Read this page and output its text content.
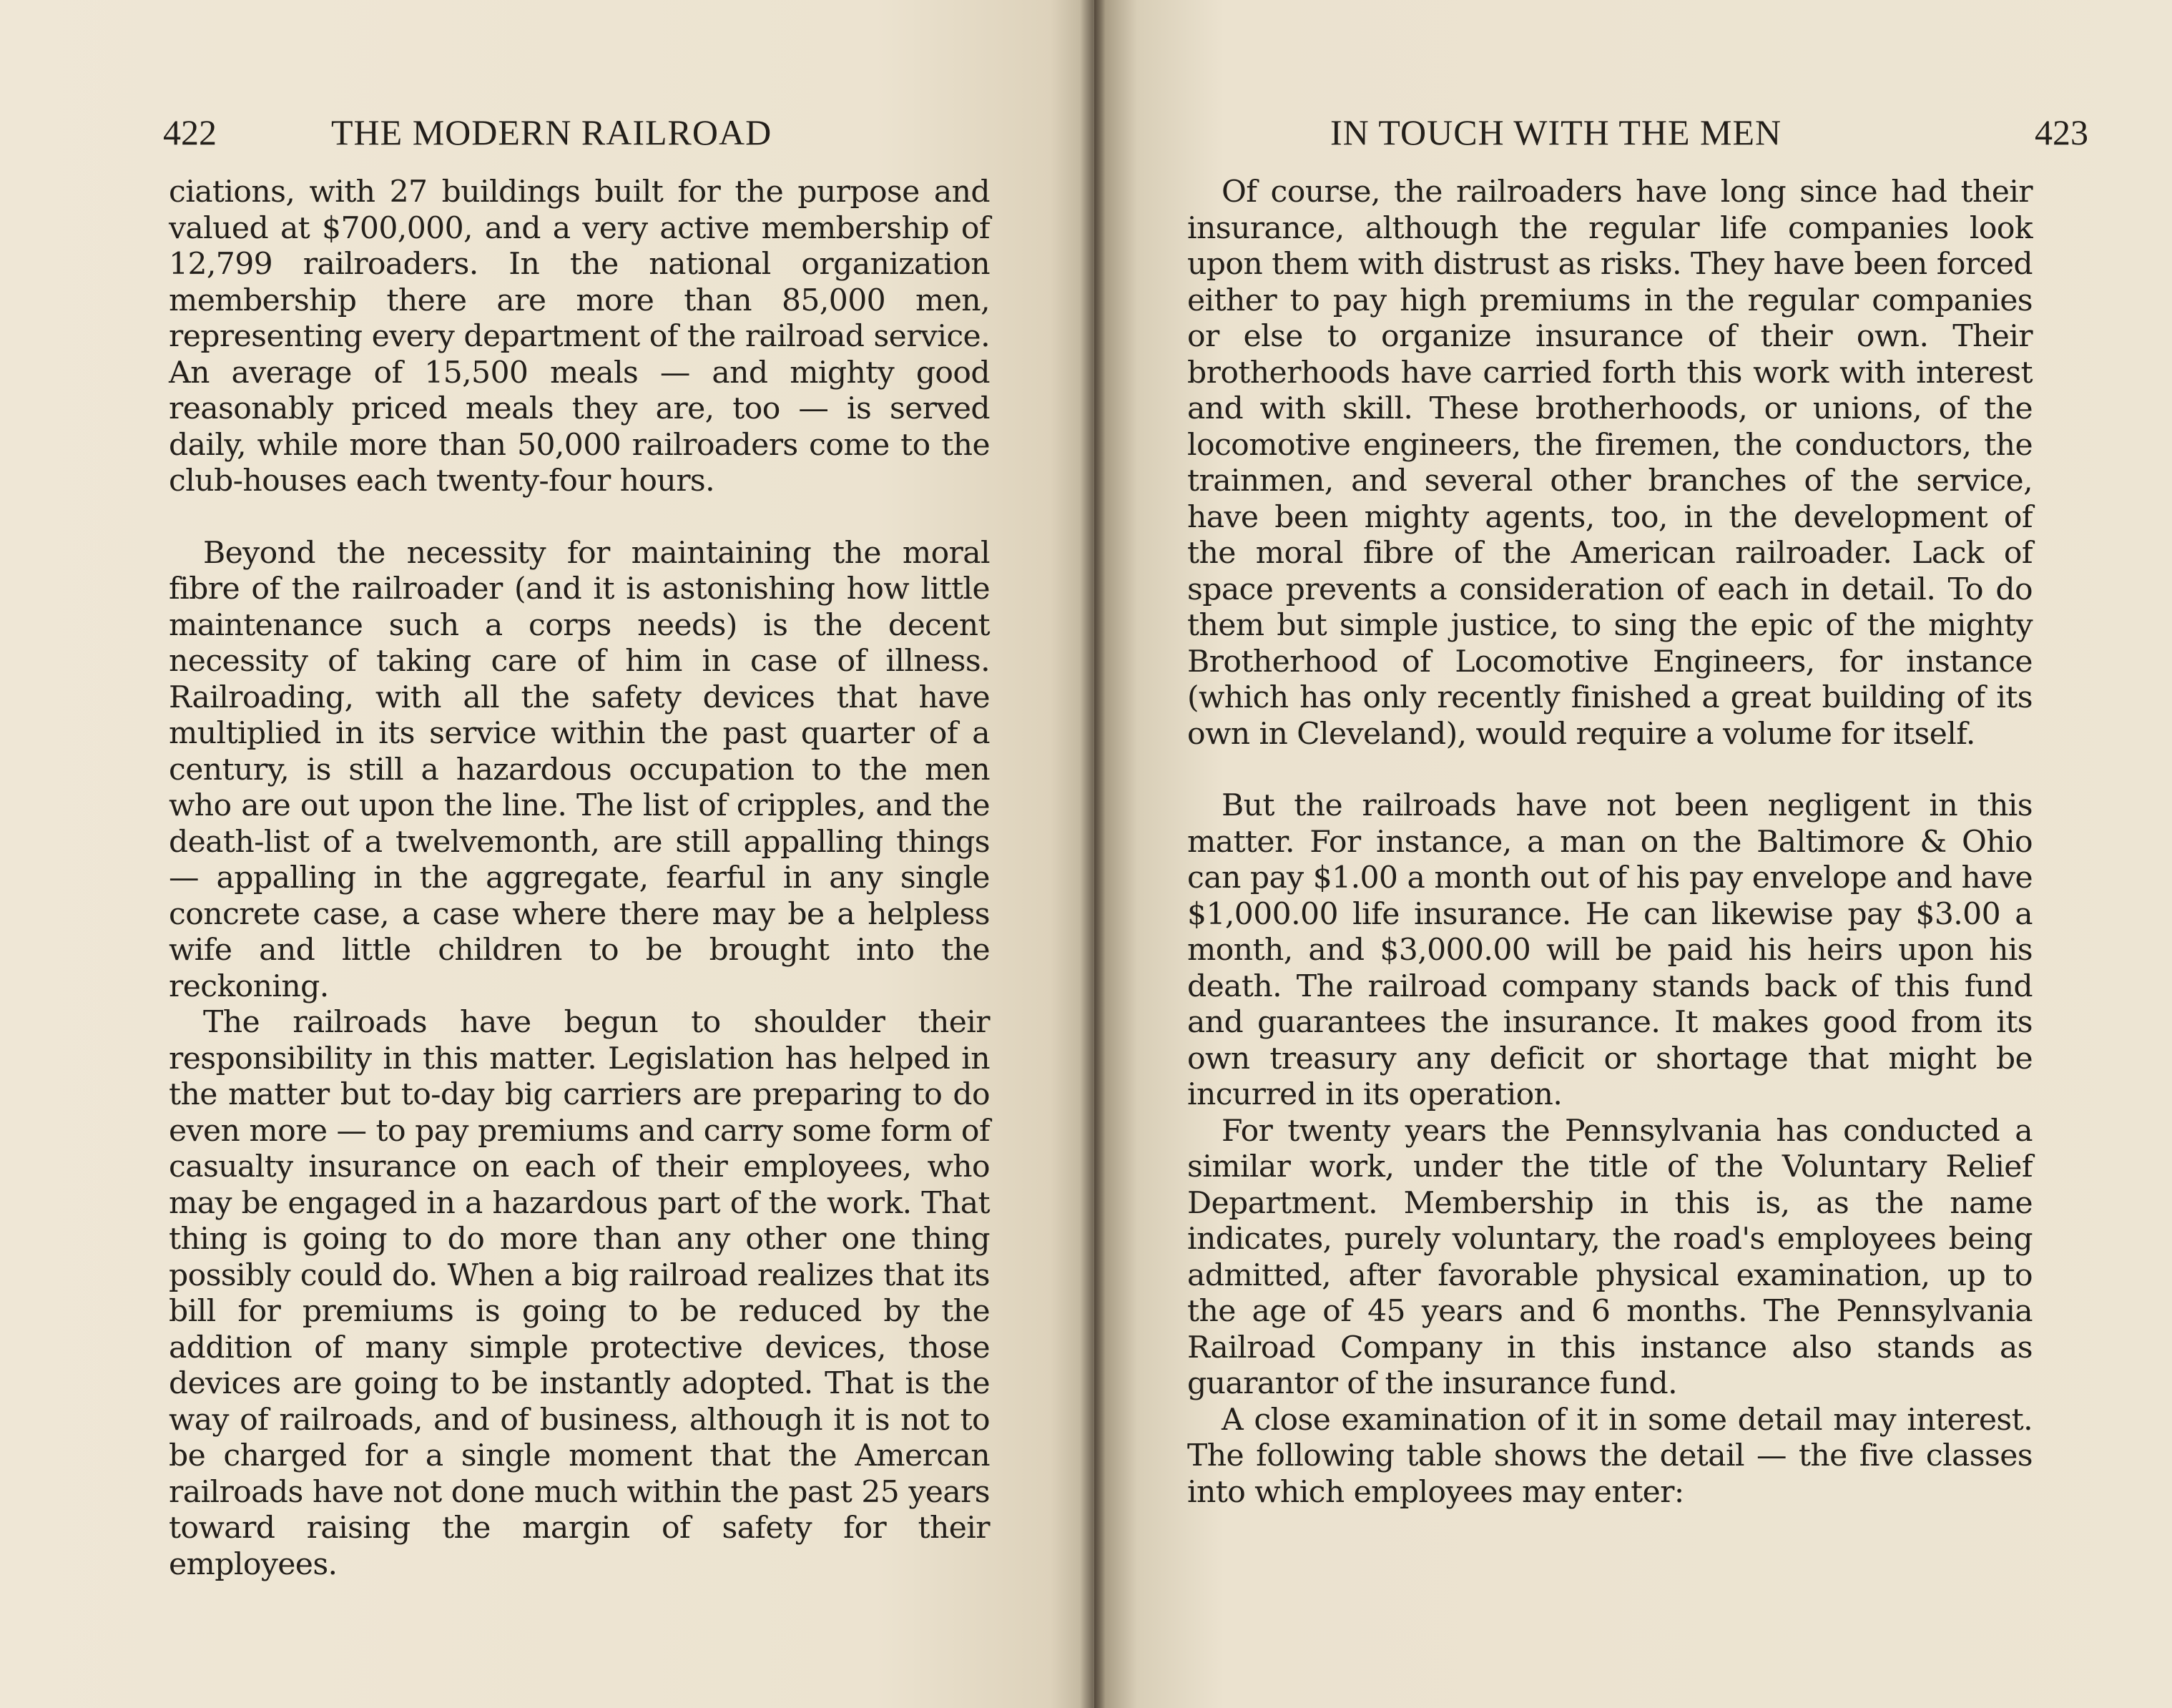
422	THE MODERN RAILROAD

ciations, with 27 buildings built for the purpose and valued at $700,000, and a very active membership of 12,799 railroaders. In the national organization membership there are more than 85,000 men, representing every department of the railroad service. An average of 15,500 meals — and mighty good reasonably priced meals they are, too — is served daily, while more than 50,000 railroaders come to the club-houses each twenty-four hours.

Beyond the necessity for maintaining the moral fibre of the railroader (and it is astonishing how little maintenance such a corps needs) is the decent necessity of taking care of him in case of illness. Railroading, with all the safety devices that have multiplied in its service within the past quarter of a century, is still a hazardous occupation to the men who are out upon the line. The list of cripples, and the death-list of a twelvemonth, are still appalling things — appalling in the aggregate, fearful in any single concrete case, a case where there may be a helpless wife and little children to be brought into the reckoning.

The railroads have begun to shoulder their responsibility in this matter. Legislation has helped in the matter but to-day big carriers are preparing to do even more — to pay premiums and carry some form of casualty insurance on each of their employees, who may be engaged in a hazardous part of the work. That thing is going to do more than any other one thing possibly could do. When a big railroad realizes that its bill for premiums is going to be reduced by the addition of many simple protective devices, those devices are going to be instantly adopted. That is the way of railroads, and of business, although it is not to be charged for a single moment that the Amercan railroads have not done much within the past 25 years toward raising the margin of safety for their employees.

IN TOUCH WITH THE MEN	423

Of course, the railroaders have long since had their insurance, although the regular life companies look upon them with distrust as risks. They have been forced either to pay high premiums in the regular companies or else to organize insurance of their own. Their brotherhoods have carried forth this work with interest and with skill. These brotherhoods, or unions, of the locomotive engineers, the firemen, the conductors, the trainmen, and several other branches of the service, have been mighty agents, too, in the development of the moral fibre of the American railroader. Lack of space prevents a consideration of each in detail. To do them but simple justice, to sing the epic of the mighty Brotherhood of Locomotive Engineers, for instance (which has only recently finished a great building of its own in Cleveland), would require a volume for itself.

But the railroads have not been negligent in this matter. For instance, a man on the Baltimore & Ohio can pay $1.00 a month out of his pay envelope and have $1,000.00 life insurance. He can likewise pay $3.00 a month, and $3,000.00 will be paid his heirs upon his death. The railroad company stands back of this fund and guarantees the insurance. It makes good from its own treasury any deficit or shortage that might be incurred in its operation.

For twenty years the Pennsylvania has conducted a similar work, under the title of the Voluntary Relief Department. Membership in this is, as the name indicates, purely voluntary, the road's employees being admitted, after favorable physical examination, up to the age of 45 years and 6 months. The Pennsylvania Railroad Company in this instance also stands as guarantor of the insurance fund.

A close examination of it in some detail may interest. The following table shows the detail — the five classes into which employees may enter:
